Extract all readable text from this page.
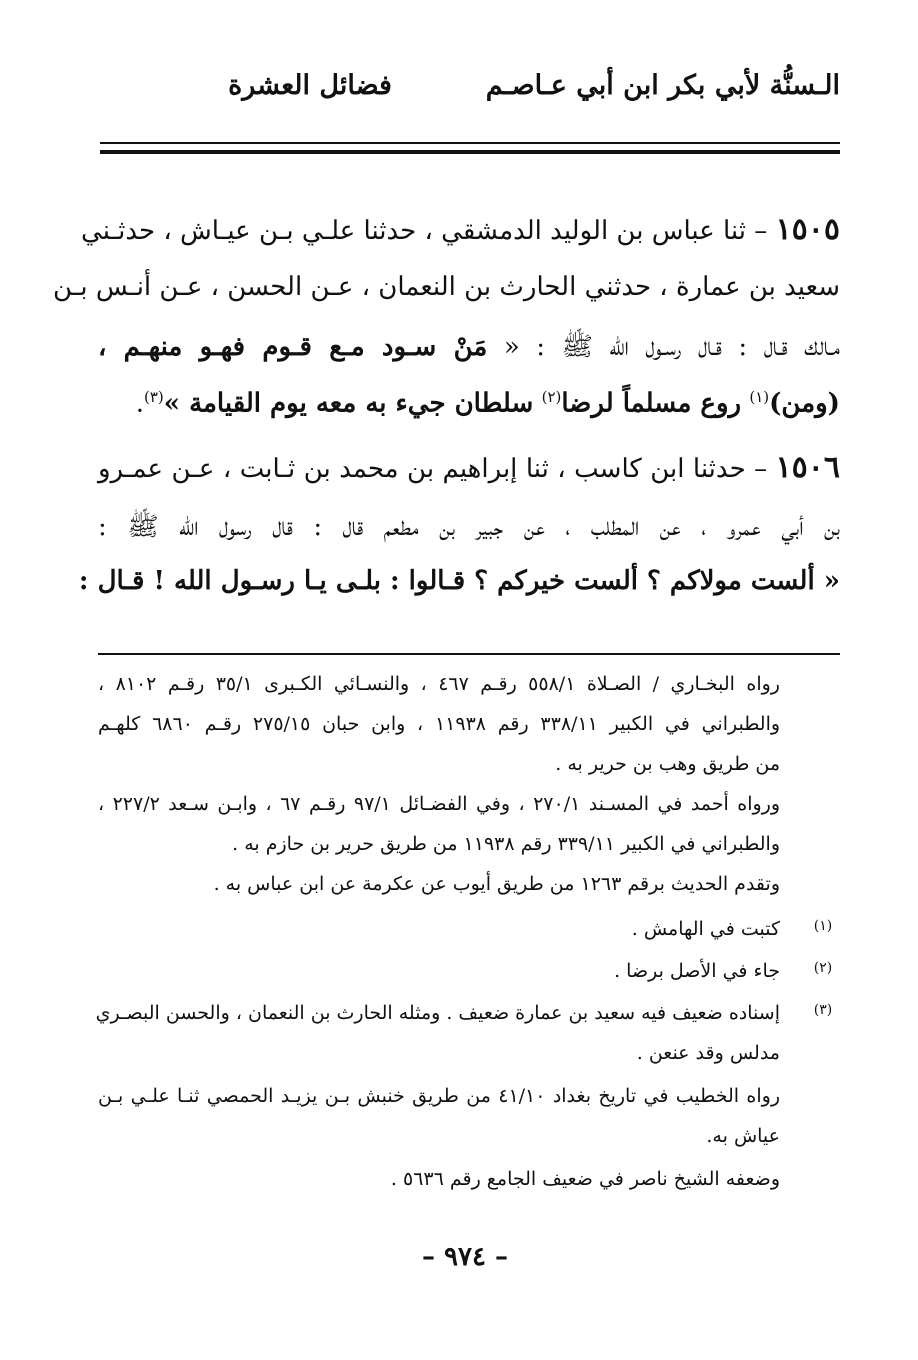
الـسنُّة لأبي بكر ابن أبي عـاصـم
فضائل العشرة
١٥٠٥ – ثنا عباس بن الوليد الدمشقي ، حدثنا علـي بـن عيـاش ، حدثـني
سعيد بن عمارة ، حدثني الحارث بن النعمان ، عـن الحسن ، عـن أنـس بـن
مـالك قـال : قـال رسـول الله ﷺ : « مَنْ سـود مـع قـوم فهـو منهـم ،
(ومن)$^{(١)}$ روع مسلماً لرضا$^{(٢)}$ سلطان جيء به معه يوم القيامة »$^{(٣)}$.
١٥٠٦ – حدثنا ابن كاسب ، ثنا إبراهيم بن محمد بن ثـابت ، عـن عمـرو
بن أبي عمرو ، عن المطلب ، عن جبير بن مطعم قال : قال رسول الله ﷺ :
« ألست مولاكم ؟ ألست خيركم ؟ قـالوا : بلـى يـا رسـول الله ! قـال :
رواه البخـاري / الصـلاة ٥٥٨/١ رقـم ٤٦٧ ، والنسـائي الكـبرى ٣٥/١ رقـم ٨١٠٢ ،
والطبراني في الكبير ٣٣٨/١١ رقم ١١٩٣٨ ، وابن حبان ٢٧٥/١٥ رقـم ٦٨٦٠ كلهـم
من طريق وهب بن حرير به .
ورواه أحمد في المسـند ٢٧٠/١ ، وفي الفضـائل ٩٧/١ رقـم ٦٧ ، وابـن سـعد ٢٢٧/٢ ،
والطبراني في الكبير ٣٣٩/١١ رقم ١١٩٣٨ من طريق حرير بن حازم به .
وتقدم الحديث برقم ١٢٦٣ من طريق أيوب عن عكرمة عن ابن عباس به .
(١)
كتبت في الهامش .
(٢)
جاء في الأصل برضا .
(٣)
إسناده ضعيف فيه سعيد بن عمارة ضعيف . ومثله الحارث بن النعمان ، والحسن البصـري
مدلس وقد عنعن .
رواه الخطيب في تاريخ بغداد ٤١/١٠ من طريق خنبش بـن يزيـد الحمصي ثنـا علـي بـن
عياش به.
وضعفه الشيخ ناصر في ضعيف الجامع رقم ٥٦٣٦ .
– ٩٧٤ –
